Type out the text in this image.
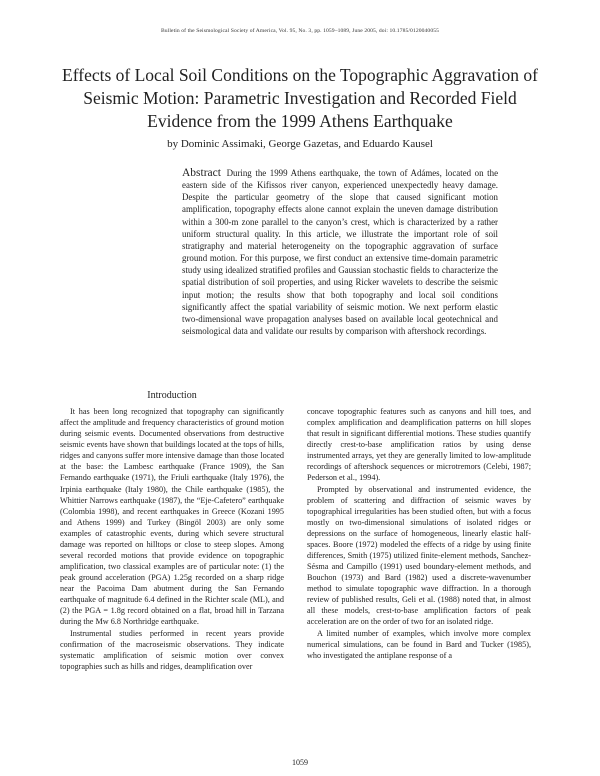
Bulletin of the Seismological Society of America, Vol. 95, No. 3, pp. 1059–1089, June 2005, doi: 10.1785/0120040055
Effects of Local Soil Conditions on the Topographic Aggravation of
Seismic Motion: Parametric Investigation and Recorded Field
Evidence from the 1999 Athens Earthquake
by Dominic Assimaki, George Gazetas, and Eduardo Kausel
Abstract During the 1999 Athens earthquake, the town of Adámes, located on the eastern side of the Kifissos river canyon, experienced unexpectedly heavy damage. Despite the particular geometry of the slope that caused significant motion amplification, topography effects alone cannot explain the uneven damage distribution within a 300-m zone parallel to the canyon’s crest, which is characterized by a rather uniform structural quality. In this article, we illustrate the important role of soil stratigraphy and material heterogeneity on the topographic aggravation of surface ground motion. For this purpose, we first conduct an extensive time-domain parametric study using idealized stratified profiles and Gaussian stochastic fields to characterize the spatial distribution of soil properties, and using Ricker wavelets to describe the seismic input motion; the results show that both topography and local soil conditions significantly affect the spatial variability of seismic motion. We next perform elastic two-dimensional wave propagation analyses based on available local geotechnical and seismological data and validate our results by comparison with aftershock recordings.
Introduction

It has been long recognized that topography can significantly affect the amplitude and frequency characteristics of ground motion during seismic events. Documented observations from destructive seismic events have shown that buildings located at the tops of hills, ridges and canyons suffer more intensive damage than those located at the base: the Lambesc earthquake (France 1909), the San Fernando earthquake (1971), the Friuli earthquake (Italy 1976), the Irpinia earthquake (Italy 1980), the Chile earthquake (1985), the Whittier Narrows earthquake (1987), the “Eje-Cafetero” earthquake (Colombia 1998), and recent earthquakes in Greece (Kozani 1995 and Athens 1999) and Turkey (Bingöl 2003) are only some examples of catastrophic events, during which severe structural damage was reported on hilltops or close to steep slopes. Among several recorded motions that provide evidence on topographic amplification, two classical examples are of particular note: (1) the peak ground acceleration (PGA) 1.25g recorded on a sharp ridge near the Pacoima Dam abutment during the San Fernando earthquake of magnitude 6.4 defined in the Richter scale (ML), and (2) the PGA = 1.8g record obtained on a flat, broad hill in Tarzana during the Mw 6.8 Northridge earthquake.

Instrumental studies performed in recent years provide confirmation of the macroseismic observations. They indicate systematic amplification of seismic motion over convex topographies such as hills and ridges, deamplification over

concave topographic features such as canyons and hill toes, and complex amplification and deamplification patterns on hill slopes that result in significant differential motions. These studies quantify directly crest-to-base amplification ratios by using dense instrumented arrays, yet they are generally limited to low-amplitude recordings of aftershock sequences or microtremors (Celebi, 1987; Pederson et al., 1994).

Prompted by observational and instrumented evidence, the problem of scattering and diffraction of seismic waves by topographical irregularities has been studied often, but with a focus mostly on two-dimensional simulations of isolated ridges or depressions on the surface of homogeneous, linearly elastic half-spaces. Boore (1972) modeled the effects of a ridge by using finite differences, Smith (1975) utilized finite-element methods, Sanchez-Sésma and Campillo (1991) used boundary-element methods, and Bouchon (1973) and Bard (1982) used a discrete-wavenumber method to simulate topographic wave diffraction. In a thorough review of published results, Geli et al. (1988) noted that, in almost all these models, crest-to-base amplification factors of peak acceleration are on the order of two for an isolated ridge.

A limited number of examples, which involve more complex numerical simulations, can be found in Bard and Tucker (1985), who investigated the antiplane response of a

1059
